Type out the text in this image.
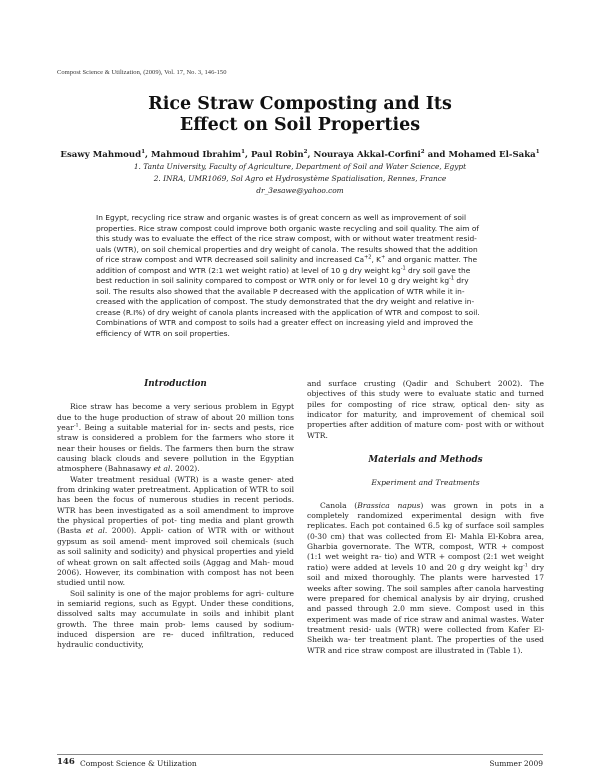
Compost Science & Utilization, (2009), Vol. 17, No. 3, 146-150
Rice Straw Composting and Its
Effect on Soil Properties
Esawy Mahmoud$^1$, Mahmoud Ibrahim$^1$, Paul Robin$^2$, Nouraya Akkal-Corfini$^2$ and Mohamed El-Saka$^1$
1. Tanta University, Faculty of Agriculture, Department of Soil and Water Science, Egypt
2. INRA, UMR1069, Sol Agro et Hydrosystème Spatialisation, Rennes, France
dr_3esawe@yahoo.com
In Egypt, recycling rice straw and organic wastes is of great concern as well as improvement of soil
properties. Rice straw compost could improve both organic waste recycling and soil quality. The aim of
this study was to evaluate the effect of the rice straw compost, with or without water treatment resid-
uals (WTR), on soil chemical properties and dry weight of canola. The results showed that the addition
of rice straw compost and WTR decreased soil salinity and increased $Ca^{+2}$, K+ and organic matter. The
addition of compost and WTR (2:1 wet weight ratio) at level of 10 g dry weight $kg^{-1}$ dry soil gave the
best reduction in soil salinity compared to compost or WTR only or for level 10 g dry weight $kg^{-1}$ dry
soil. The results also showed that the available P decreased with the application of WTR while it in-
creased with the application of compost. The study demonstrated that the dry weight and relative in-
crease (R.I%) of dry weight of canola plants increased with the application of WTR and compost to soil.
Combinations of WTR and compost to soils had a greater effect on increasing yield and improved the
efficiency of WTR on soil properties.
Introduction

Rice straw has become a very serious problem in Egypt due to the huge production of straw of about 20 million tons year$^{-1}$. Being a suitable material for in- sects and pests, rice straw is considered a problem for the farmers who store it near their houses or fields. The farmers then burn the straw causing black clouds and severe pollution in the Egyptian atmosphere (Bahnasawy et al. 2002).

Water treatment residual (WTR) is a waste gener- ated from drinking water pretreatment. Application of WTR to soil has been the focus of numerous studies in recent periods. WTR has been investigated as a soil amendment to improve the physical properties of pot- ting media and plant growth (Basta et al. 2000). Appli- cation of WTR with or without gypsum as soil amend- ment improved soil chemicals (such as soil salinity and sodicity) and physical properties and yield of wheat grown on salt affected soils (Aggag and Mah- moud 2006). However, its combination with compost has not been studied until now.

Soil salinity is one of the major problems for agri- culture in semiarid regions, such as Egypt. Under these conditions, dissolved salts may accumulate in soils and inhibit plant growth. The three main prob- lems caused by sodium-induced dispersion are re- duced infiltration, reduced hydraulic conductivity,

and surface crusting (Qadir and Schubert 2002). The objectives of this study were to evaluate static and turned piles for composting of rice straw, optical den- sity as indicator for maturity, and improvement of chemical soil properties after addition of mature com- post with or without WTR.

Materials and Methods
Experiment and Treatments

Canola (Brassica napus) was grown in pots in a completely randomized experimental design with five replicates. Each pot contained 6.5 kg of surface soil samples (0-30 cm) that was collected from El- Mahla El-Kobra area, Gharbia governorate. The WTR, compost, WTR + compost (1:1 wet weight ra- tio) and WTR + compost (2:1 wet weight ratio) were added at levels 10 and 20 g dry weight $kg^{-1}$ dry soil and mixed thoroughly. The plants were harvested 17 weeks after sowing. The soil samples after canola harvesting were prepared for chemical analysis by air drying, crushed and passed through 2.0 mm sieve. Compost used in this experiment was made of rice straw and animal wastes. Water treatment resid- uals (WTR) were collected from Kafer El-Sheikh wa- ter treatment plant. The properties of the used WTR and rice straw compost are illustrated in (Table 1).

146 Compost Science & Utilization	Summer 2009
